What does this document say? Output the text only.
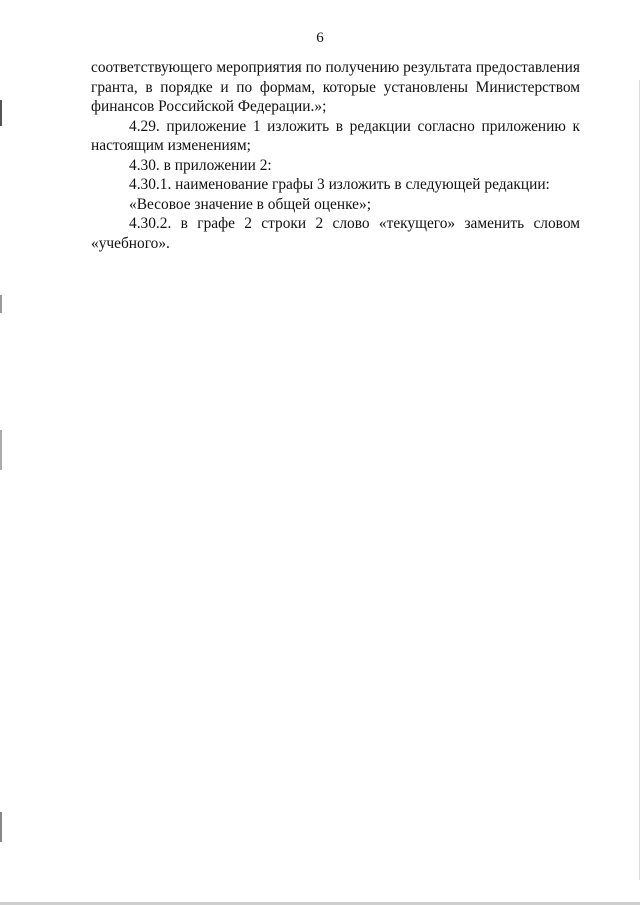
6

соответствующего мероприятия по получению результата предоставления гранта, в порядке и по формам, которые установлены Министерством финансов Российской Федерации.»;

4.29. приложение 1 изложить в редакции согласно приложению к настоящим изменениям;

4.30. в приложении 2:

4.30.1. наименование графы 3 изложить в следующей редакции:

«Весовое значение в общей оценке»;

4.30.2. в графе 2 строки 2 слово «текущего» заменить словом «учебного».
